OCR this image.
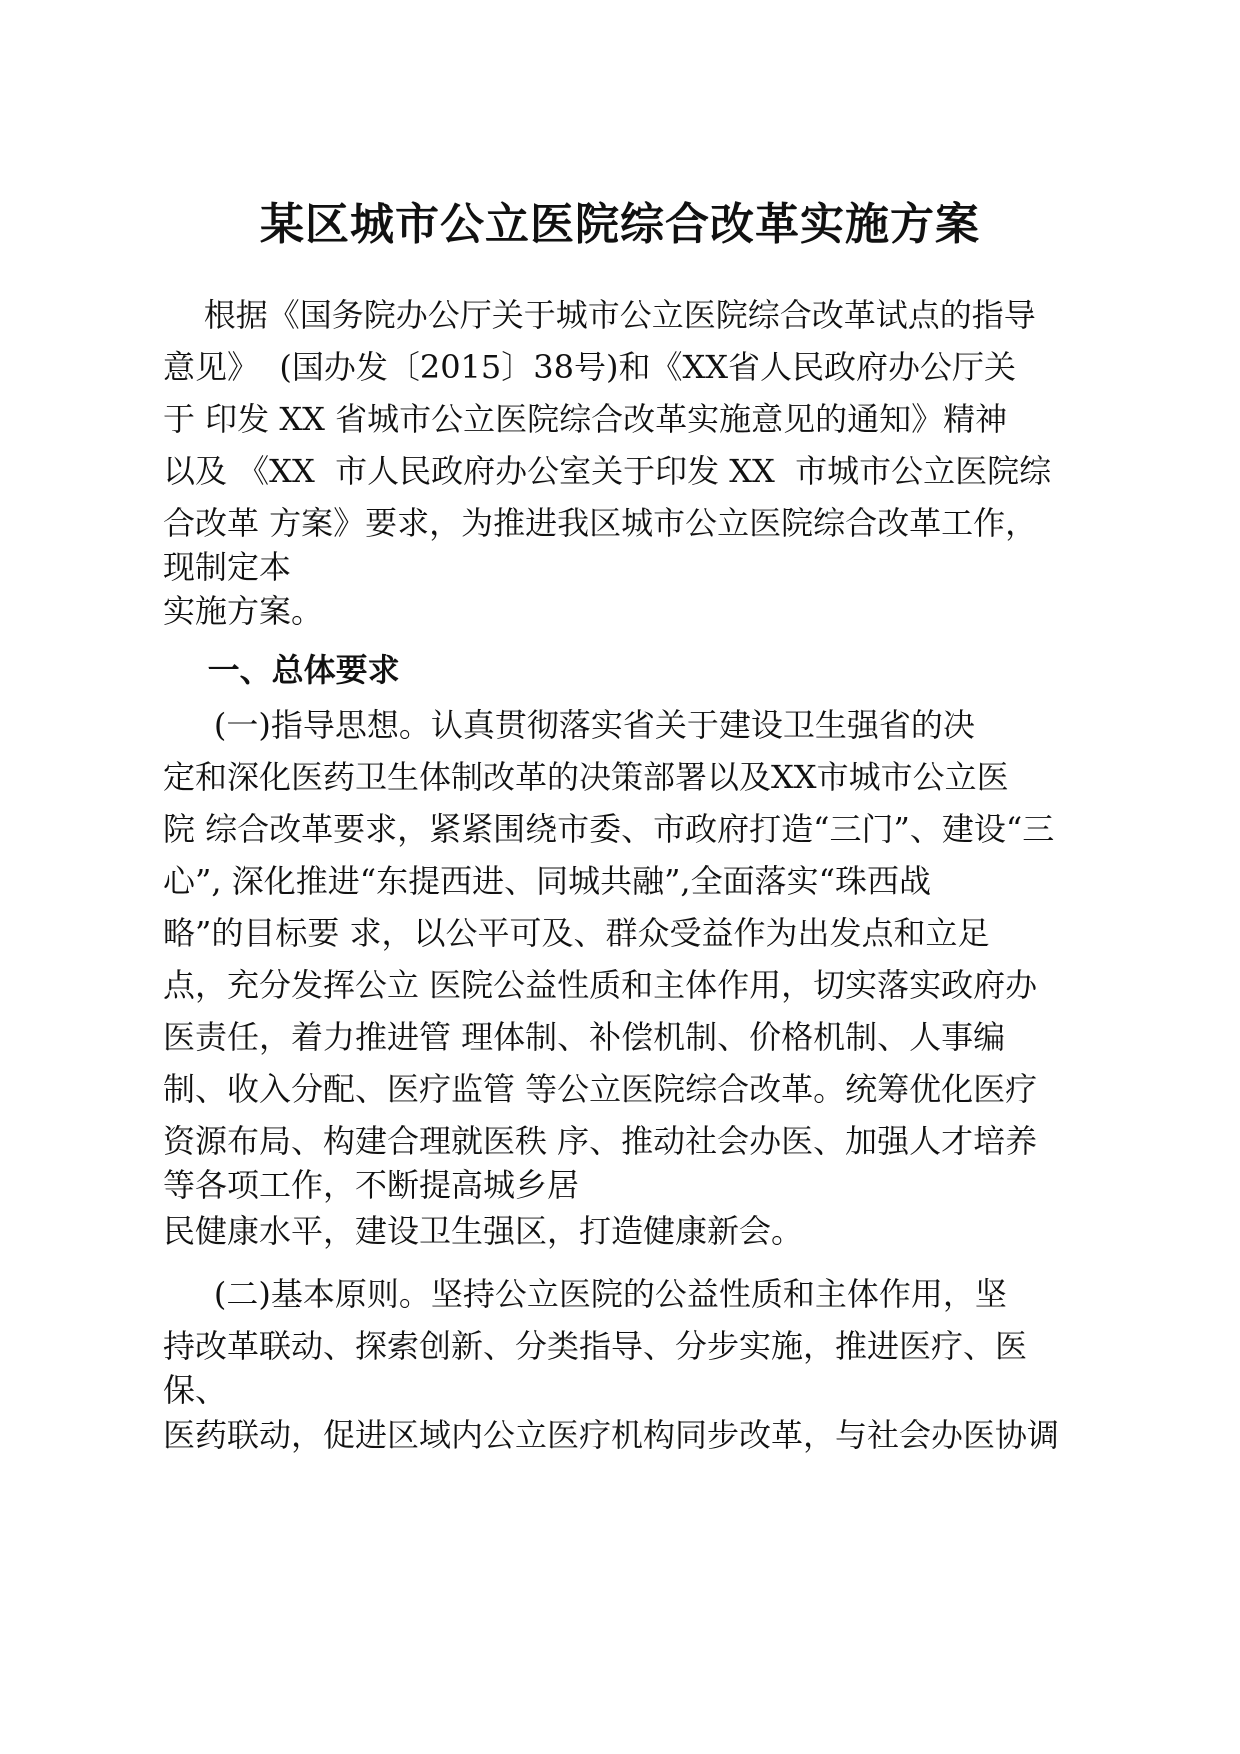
某区城市公立医院综合改革实施方案

根据《国务院办公厅关于城市公立医院综合改革试点的指导

意见》  (国办发〔2015〕38号)和《XX省人民政府办公厅关

于 印发 XX 省城市公立医院综合改革实施意见的通知》精神

以及 《XX  市人民政府办公室关于印发 XX  市城市公立医院综

合改革 方案》要求，为推进我区城市公立医院综合改革工作，

现制定本

实施方案。

一、总体要求

(一)指导思想。认真贯彻落实省关于建设卫生强省的决

定和深化医药卫生体制改革的决策部署以及XX市城市公立医

院 综合改革要求，紧紧围绕市委、市政府打造“三门”、建设“三

心”, 深化推进“东提西进、同城共融”,全面落实“珠西战

略”的目标要 求，以公平可及、群众受益作为出发点和立足

点，充分发挥公立 医院公益性质和主体作用，切实落实政府办

医责任，着力推进管 理体制、补偿机制、价格机制、人事编

制、收入分配、医疗监管 等公立医院综合改革。统筹优化医疗

资源布局、构建合理就医秩 序、推动社会办医、加强人才培养

等各项工作，不断提高城乡居

民健康水平，建设卫生强区，打造健康新会。

(二)基本原则。坚持公立医院的公益性质和主体作用，坚

持改革联动、探索创新、分类指导、分步实施，推进医疗、医

保、

医药联动，促进区域内公立医疗机构同步改革，与社会办医协调
